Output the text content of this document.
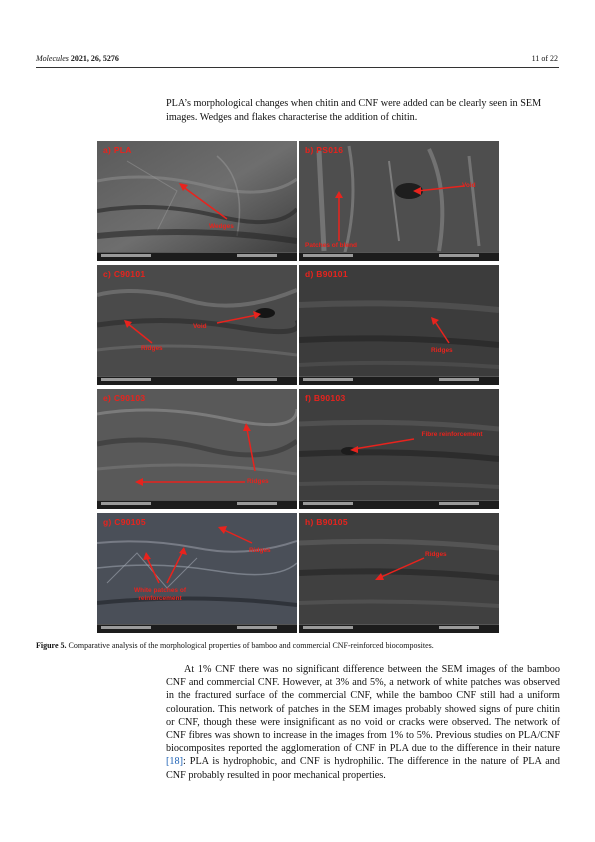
Molecules 2021, 26, 5276	11 of 22
PLA’s morphological changes when chitin and CNF were added can be clearly seen in SEM images. Wedges and flakes characterise the addition of chitin.
a) PLA
Wedges
b) PS016
Void
Patches of blend
c) C90101
Void
Ridges
d) B90101
Ridges
e) C90103
Ridges
f) B90103
Fibre reinforcement
g) C90105
Ridges
White patches of reinforcement
h) B90105
Ridges
Figure 5. Comparative analysis of the morphological properties of bamboo and commercial CNF-reinforced biocomposites.

At 1% CNF there was no significant difference between the SEM images of the bamboo CNF and commercial CNF. However, at 3% and 5%, a network of white patches was observed in the fractured surface of the commercial CNF, while the bamboo CNF still had a uniform colouration. This network of patches in the SEM images probably showed signs of pure chitin or CNF, though these were insignificant as no void or cracks were observed. The network of CNF fibres was shown to increase in the images from 1% to 5%. Previous studies on PLA/CNF biocomposites reported the agglomeration of CNF in PLA due to the difference in their nature [18]: PLA is hydrophobic, and CNF is hydrophilic. The difference in the nature of PLA and CNF probably resulted in poor mechanical properties.
